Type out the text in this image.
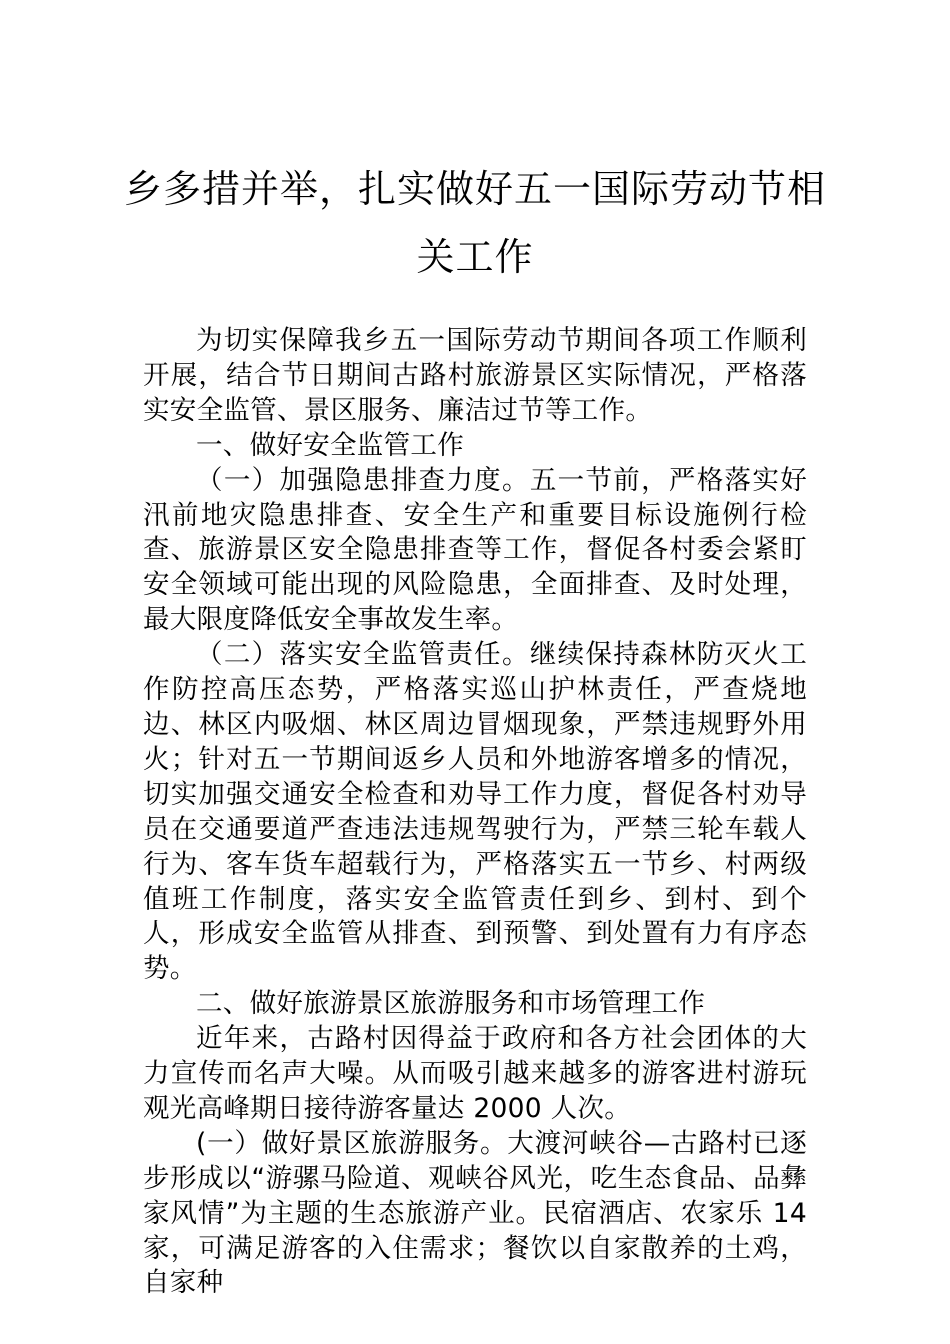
乡多措并举，扎实做好五一国际劳动节相
关工作

为切实保障我乡五一国际劳动节期间各项工作顺利开展，结合节日期间古路村旅游景区实际情况，严格落实安全监管、景区服务、廉洁过节等工作。

一、做好安全监管工作

（一）加强隐患排查力度。五一节前，严格落实好汛前地灾隐患排查、安全生产和重要目标设施例行检查、旅游景区安全隐患排查等工作，督促各村委会紧盯安全领域可能出现的风险隐患，全面排查、及时处理，最大限度降低安全事故发生率。

（二）落实安全监管责任。继续保持森林防灭火工作防控高压态势，严格落实巡山护林责任，严查烧地边、林区内吸烟、林区周边冒烟现象，严禁违规野外用火；针对五一节期间返乡人员和外地游客增多的情况，切实加强交通安全检查和劝导工作力度，督促各村劝导员在交通要道严查违法违规驾驶行为，严禁三轮车载人行为、客车货车超载行为，严格落实五一节乡、村两级值班工作制度，落实安全监管责任到乡、到村、到个人，形成安全监管从排查、到预警、到处置有力有序态势。

二、做好旅游景区旅游服务和市场管理工作

近年来，古路村因得益于政府和各方社会团体的大力宣传而名声大噪。从而吸引越来越多的游客进村游玩观光高峰期日接待游客量达 2000 人次。

(一）做好景区旅游服务。大渡河峡谷—古路村已逐步形成以“游骡马险道、观峡谷风光，吃生态食品、品彝家风情”为主题的生态旅游产业。民宿酒店、农家乐 14 家，可满足游客的入住需求；餐饮以自家散养的土鸡，自家种
